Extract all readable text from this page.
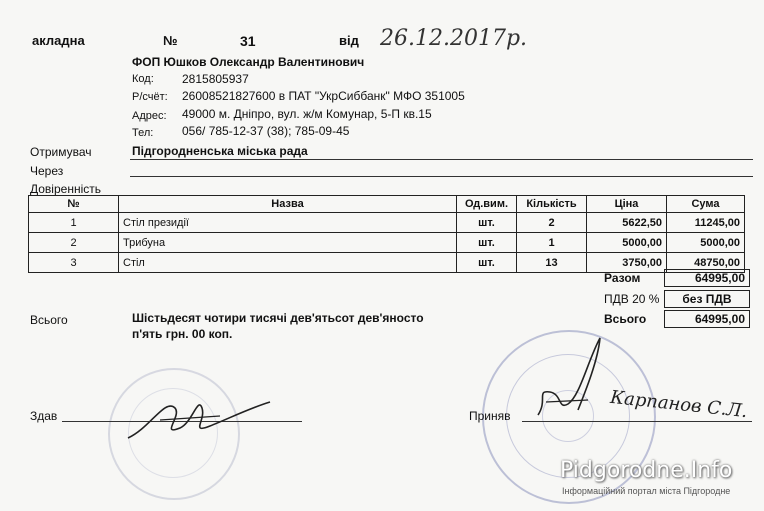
акладна	№	31	від 26.12.2017р.
ФОП Юшков Олександр Валентинович
Код: 2815805937
Р/счёт: 26008521827600 в ПАТ "УкрСиббанк" МФО 351005
Адрес: 49000 м. Дніпро, вул. ж/м Комунар, 5-П кв.15
Тел: 056/ 785-12-37 (38); 785-09-45
Отримувач	Підгородненська міська рада
Через
Довіренність
№	Назва	Од.вим.	Кількість	Ціна	Сума
1	Стіл президії	шт.	2	5622,50	11245,00
2	Трибуна	шт.	1	5000,00	5000,00
3	Стіл	шт.	13	3750,00	48750,00
Разом	64995,00
ПДВ 20 %	без ПДВ
Всього	64995,00
Всього	Шістьдесят чотири тисячі дев'ятьсот дев'яносто
п'ять грн. 00 коп.
Здав	Приняв	Карпанов С.Л.
Pidgorodne.Info
Інформаційний портал міста Підгородне
